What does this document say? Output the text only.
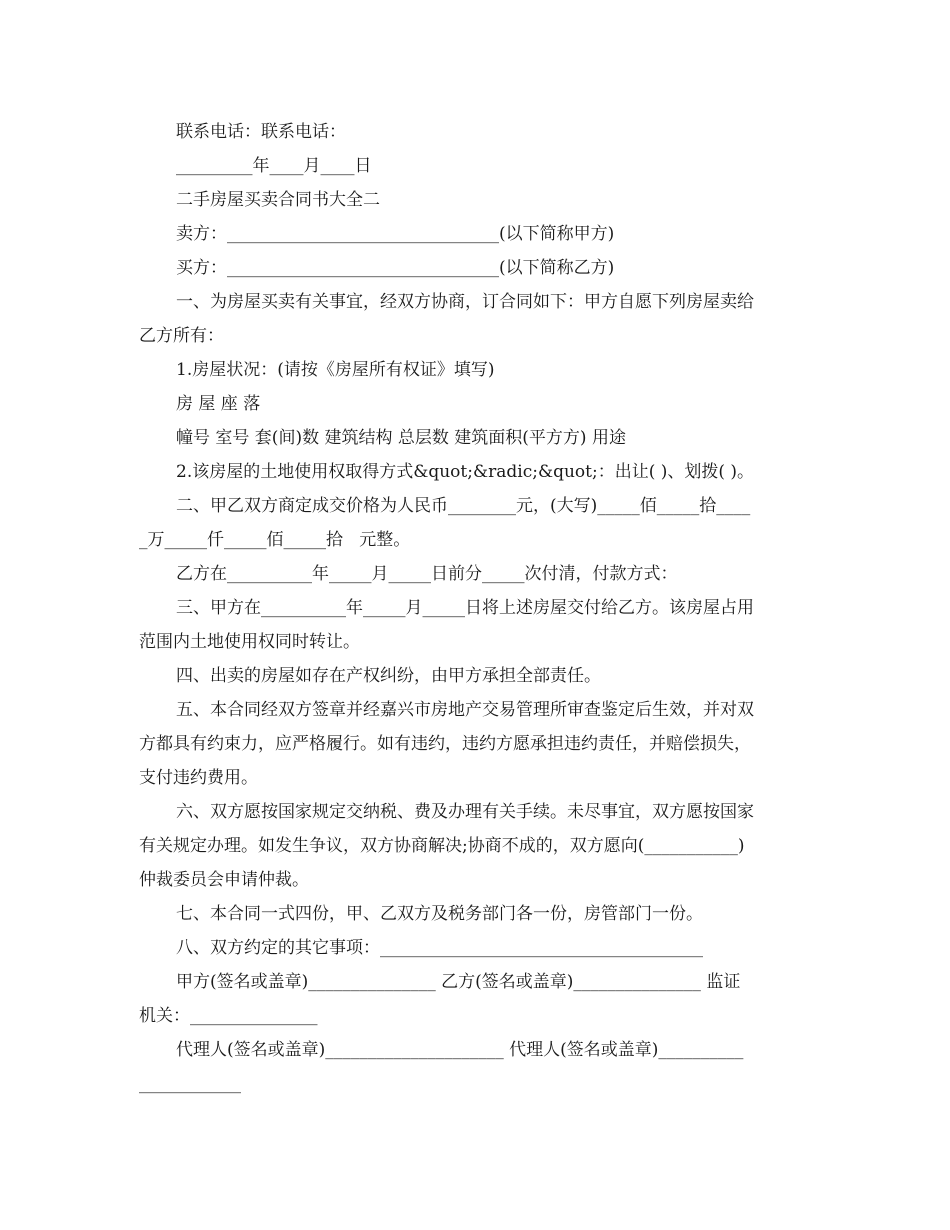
联系电话：联系电话：
_________年____月____日
二手房屋买卖合同书大全二
卖方：________________________________(以下简称甲方)
买方：________________________________(以下简称乙方)
一、为房屋买卖有关事宜，经双方协商，订合同如下：甲方自愿下列房屋卖给
乙方所有：
1.房屋状况：(请按《房屋所有权证》填写)
房 屋 座 落
幢号 室号 套(间)数 建筑结构 总层数 建筑面积(平方方) 用途
2.该房屋的土地使用权取得方式&quot;&radic;&quot;：出让( )、划拨( )。
二、甲乙双方商定成交价格为人民币________元，(大写)_____佰_____拾____
_万_____仟_____佰_____拾   元整。
乙方在__________年_____月_____日前分_____次付清，付款方式：
三、甲方在__________年_____月_____日将上述房屋交付给乙方。该房屋占用
范围内土地使用权同时转让。
四、出卖的房屋如存在产权纠纷，由甲方承担全部责任。
五、本合同经双方签章并经嘉兴市房地产交易管理所审查鉴定后生效，并对双
方都具有约束力，应严格履行。如有违约，违约方愿承担违约责任，并赔偿损失，
支付违约费用。
六、双方愿按国家规定交纳税、费及办理有关手续。未尽事宜，双方愿按国家
有关规定办理。如发生争议，双方协商解决;协商不成的，双方愿向(___________)
仲裁委员会申请仲裁。
七、本合同一式四份，甲、乙双方及税务部门各一份，房管部门一份。
八、双方约定的其它事项：______________________________________
甲方(签名或盖章)_______________ 乙方(签名或盖章)_______________ 监证
机关：_______________
代理人(签名或盖章)_____________________ 代理人(签名或盖章)__________
____________
